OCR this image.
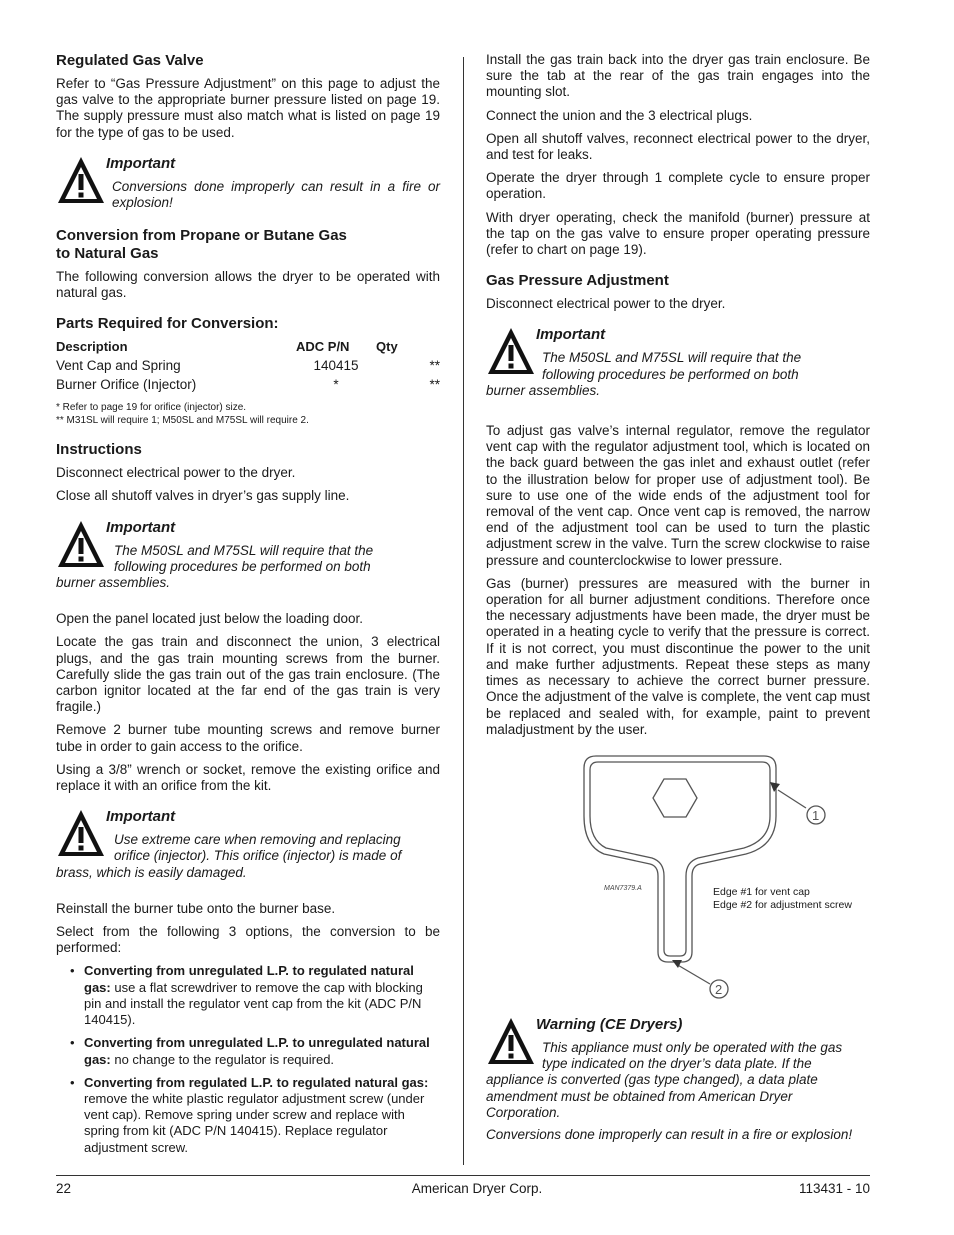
Regulated Gas Valve

Refer to “Gas Pressure Adjustment” on this page to adjust the gas valve to the appropriate burner pressure listed on page 19. The supply pressure must also match what is listed on page 19 for the type of gas to be used.

Important
Conversions done improperly can result in a fire or explosion!
Conversion from Propane or Butane Gas
to Natural Gas

The following conversion allows the dryer to be operated with natural gas.

Parts Required for Conversion:
Description	ADC P/N	Qty
Vent Cap and Spring	140415	**
Burner Orifice (Injector)	*	**
* Refer to page 19 for orifice (injector) size.
** M31SL will require 1; M50SL and M75SL will require 2.
Instructions

Disconnect electrical power to the dryer.

Close all shutoff valves in dryer’s gas supply line.

Important
The M50SL and M75SL will require that the
following procedures be performed on both
burner assemblies.

Open the panel located just below the loading door.

Locate the gas train and disconnect the union, 3 electrical plugs, and the gas train mounting screws from the burner. Carefully slide the gas train out of the gas train enclosure. (The carbon ignitor located at the far end of the gas train is very fragile.)

Remove 2 burner tube mounting screws and remove burner tube in order to gain access to the orifice.

Using a 3/8” wrench or socket, remove the existing orifice and replace it with an orifice from the kit.

Important
Use extreme care when removing and replacing
orifice (injector). This orifice (injector) is made of
brass, which is easily damaged.

Reinstall the burner tube onto the burner base.

Select from the following 3 options, the conversion to be performed:

• Converting from unregulated L.P. to regulated natural gas: use a flat screwdriver to remove the cap with blocking pin and install the regulator vent cap from the kit (ADC P/N 140415).
• Converting from unregulated L.P. to unregulated natural gas: no change to the regulator is required.
• Converting from regulated L.P. to regulated natural gas: remove the white plastic regulator adjustment screw (under vent cap). Remove spring under screw and replace with spring from kit (ADC P/N 140415). Replace regulator adjustment screw.

Install the gas train back into the dryer gas train enclosure. Be sure the tab at the rear of the gas train engages into the mounting slot.

Connect the union and the 3 electrical plugs.

Open all shutoff valves, reconnect electrical power to the dryer, and test for leaks.

Operate the dryer through 1 complete cycle to ensure proper operation.

With dryer operating, check the manifold (burner) pressure at the tap on the gas valve to ensure proper operating pressure (refer to chart on page 19).

Gas Pressure Adjustment

Disconnect electrical power to the dryer.

Important
The M50SL and M75SL will require that the
following procedures be performed on both
burner assemblies.

To adjust gas valve’s internal regulator, remove the regulator vent cap with the regulator adjustment tool, which is located on the back guard between the gas inlet and exhaust outlet (refer to the illustration below for proper use of adjustment tool). Be sure to use one of the wide ends of the adjustment tool for removal of the vent cap. Once vent cap is removed, the narrow end of the adjustment tool can be used to turn the plastic adjustment screw in the valve. Turn the screw clockwise to raise pressure and counterclockwise to lower pressure.

Gas (burner) pressures are measured with the burner in operation for all burner adjustment conditions. Therefore once the necessary adjustments have been made, the dryer must be operated in a heating cycle to verify that the pressure is correct. If it is not correct, you must discontinue the power to the unit and make further adjustments. Repeat these steps as many times as necessary to achieve the correct burner pressure. Once the adjustment of the valve is complete, the vent cap must be replaced and sealed with, for example, paint to prevent maladjustment by the user.

MAN7379.A
1
2
Edge #1 for vent cap
Edge #2 for adjustment screw
Warning (CE Dryers)
This appliance must only be operated with the gas
type indicated on the dryer’s data plate. If the
appliance is converted (gas type changed), a data plate amendment must be obtained from American Dryer Corporation.
Conversions done improperly can result in a fire or explosion!
22	American Dryer Corp.	113431 - 10
